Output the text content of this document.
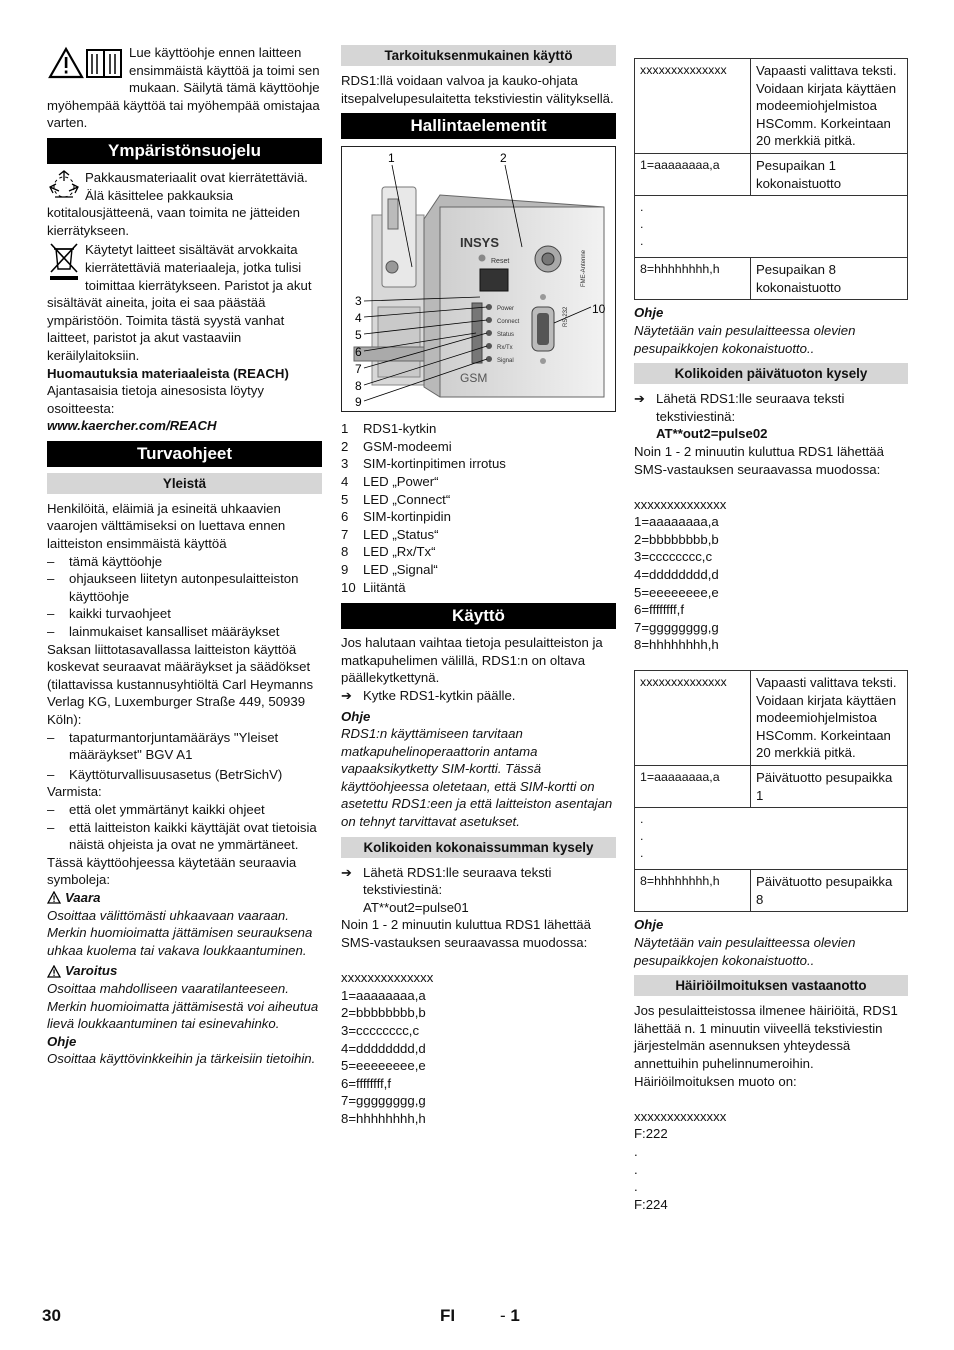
Lue käyttöohje ennen laitteen ensimmäistä käyttöä ja toimi sen mukaan. Säilytä tämä käyttöohje myöhempää käyttöä tai myöhempää omistajaa varten.

Ympäristönsuojelu

Pakkausmateriaalit ovat kierrätettäviä. Älä käsittelee pakkauksia kotitalousjätteenä, vaan toimita ne jätteiden kierrätykseen.

Käytetyt laitteet sisältävät arvokkaita kierrätettäviä materiaaleja, jotka tulisi toimittaa kierrätykseen. Paristot ja akut sisältävät aineita, joita ei saa päästää ympäristöön. Toimita tästä syystä vanhat laitteet, paristot ja akut vastaaviin keräilylaitoksiin.

Huomautuksia materiaaleista (REACH)

Ajantasaisia tietoja ainesosista löytyy osoitteesta:

www.kaercher.com/REACH

Turvaohjeet
Yleistä

Henkilöitä, eläimiä ja esineitä uhkaavien vaarojen välttämiseksi on luettava ennen laitteiston ensimmäistä käyttöä

– tämä käyttöohje
– ohjaukseen liitetyn autonpesulaitteiston käyttöohje
– kaikki turvaohjeet
– lainmukaiset kansalliset määräykset

Saksan liittotasavallassa laitteiston käyttöä koskevat seuraavat määräykset ja säädökset (tilattavissa kustannusyhtiöltä Carl Heymanns Verlag KG, Luxemburger Straße 449, 50939 Köln):

– tapaturmantorjuntamääräys "Yleiset määräykset" BGV A1
– Käyttöturvallisuusasetus (BetrSichV)

Varmista:

– että olet ymmärtänyt kaikki ohjeet
– että laitteiston kaikki käyttäjät ovat tietoisia näistä ohjeista ja ovat ne ymmärtäneet.

Tässä käyttöohjeessa käytetään seuraavia symboleja:

Vaara

Osoittaa välittömästi uhkaavaan vaaraan. Merkin huomioimatta jättämisen seurauksena uhkaa kuolema tai vakava loukkaantuminen.

Varoitus

Osoittaa mahdolliseen vaaratilanteeseen. Merkin huomioimatta jättämisestä voi aiheutua lievä loukkaantuminen tai esinevahinko.

Ohje

Osoittaa käyttövinkkeihin ja tärkeisiin tietoihin.

Tarkoituksenmukainen käyttö

RDS1:llä voidaan valvoa ja kauko-ohjata itsepalvelupesulaitetta tekstiviestin välityksellä.

Hallintaelementit
INSYS
Reset	FME-Antenne
Power
Connect
Status
Rx/Tx
Signal
RS-232
GSM
1	2
3
4
5
6
7
8
9
10
1	RDS1-kytkin
2	GSM-modeemi
3	SIM-kortinpitimen irrotus
4	LED „Power“
5	LED „Connect“
6	SIM-kortinpidin
7	LED „Status“
8	LED „Rx/Tx“
9	LED „Signal“
10 Liitäntä
Käyttö

Jos halutaan vaihtaa tietoja pesulaitteiston ja matkapuhelimen välillä, RDS1:n on oltava päällekytkettynä.

➔ Kytke RDS1-kytkin päälle.

Ohje

RDS1:n käyttämiseen tarvitaan matkapuhelinoperaattorin antama vapaaksikytketty SIM-kortti. Tässä käyttöohjeessa oletetaan, että SIM-kortti on asetettu RDS1:een ja että laitteiston asentajan on tehnyt tarvittavat asetukset.

Kolikoiden kokonaissumman kysely
➔ Lähetä RDS1:lle seuraava teksti tekstiviestinä:

AT**out2=pulse01

Noin 1 - 2 minuutin kuluttua RDS1 lähettää SMS-vastauksen seuraavassa muodossa:

xxxxxxxxxxxxxx

1=aaaaaaaa,a

2=bbbbbbbb,b

3=cccccccc,c

4=dddddddd,d

5=eeeeeeee,e

6=ffffffff,f

7=gggggggg,g

8=hhhhhhhh,h

xxxxxxxxxxxxxx	Vapaasti valittava teksti. Voidaan kirjata käyttäen modeemiohjelmistoa HSComm. Korkeintaan 20 merkkiä pitkä.
1=aaaaaaaa,a	Pesupaikan 1 kokonaistuotto
.
.
.	
8=hhhhhhhh,h	Pesupaikan 8 kokonaistuotto

Ohje

Näytetään vain pesulaitteessa olevien pesupaikkojen kokonaistuotto..

Kolikoiden päivätuoton kysely
➔ Lähetä RDS1:lle seuraava teksti tekstiviestinä:

AT**out2=pulse02

Noin 1 - 2 minuutin kuluttua RDS1 lähettää SMS-vastauksen seuraavassa muodossa:

xxxxxxxxxxxxxx

1=aaaaaaaa,a

2=bbbbbbbb,b

3=cccccccc,c

4=dddddddd,d

5=eeeeeeee,e

6=ffffffff,f

7=gggggggg,g

8=hhhhhhhh,h

xxxxxxxxxxxxxx	Vapaasti valittava teksti. Voidaan kirjata käyttäen modeemiohjelmistoa HSComm. Korkeintaan 20 merkkiä pitkä.
1=aaaaaaaa,a	Päivätuotto pesupaikka 1
.
.
.	
8=hhhhhhhh,h	Päivätuotto pesupaikka 8

Ohje

Näytetään vain pesulaitteessa olevien pesupaikkojen kokonaistuotto..

Häiriöilmoituksen vastaanotto

Jos pesulaitteistossa ilmenee häiriöitä, RDS1 lähettää n. 1 minuutin viiveellä tekstiviestin järjestelmän asennuksen yhteydessä annettuihin puhelinnumeroihin.

Häiriöilmoituksen muoto on:

xxxxxxxxxxxxxx

F:222

.

.

.

F:224

30	FI	- 1
